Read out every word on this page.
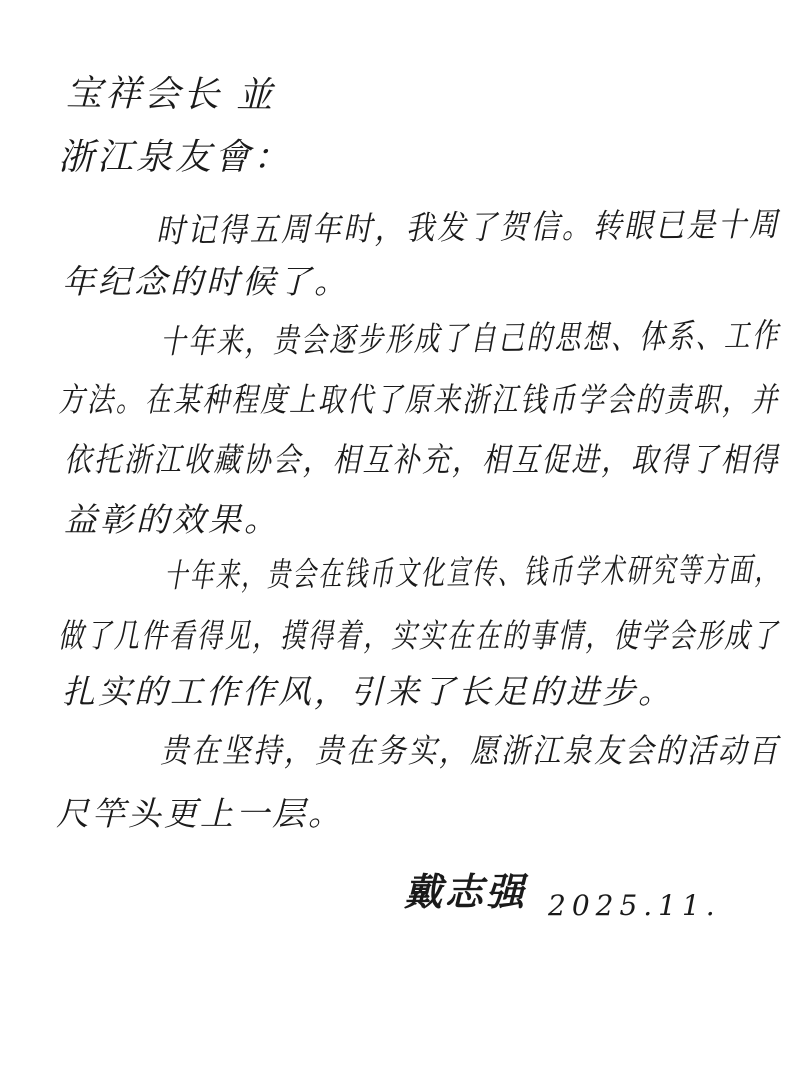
宝祥会长 並
浙江泉友會：
时记得五周年时，我发了贺信。转眼已是十周
年纪念的时候了。
十年来，贵会逐步形成了自己的思想、体系、工作
方法。在某种程度上取代了原来浙江钱币学会的责职，并
依托浙江收藏协会，相互补充，相互促进，取得了相得
益彰的效果。
十年来，贵会在钱币文化宣传、钱币学术研究等方面，
做了几件看得见，摸得着，实实在在的事情，使学会形成了
扎实的工作作风，引来了长足的进步。
贵在坚持，贵在务实，愿浙江泉友会的活动百
尺竿头更上一层。
戴志强 2025.11.
